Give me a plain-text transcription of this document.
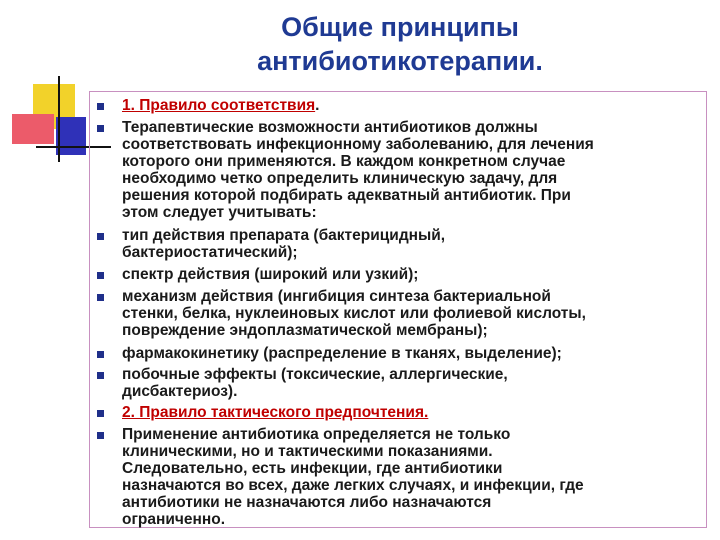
Общие принципы
антибиотикотерапии.
1. Правило соответствия.
Терапевтические возможности антибиотиков должны
соответствовать инфекционному заболеванию, для лечения
которого они применяются. В каждом конкретном случае
необходимо четко определить клиническую задачу, для
решения которой подбирать адекватный антибиотик. При
этом следует учитывать:
тип действия препарата (бактерицидный,
бактериостатический);
спектр действия (широкий или узкий);
механизм действия (ингибиция синтеза бактериальной
стенки, белка, нуклеиновых кислот или фолиевой кислоты,
повреждение эндоплазматической мембраны);
фармакокинетику (распределение в тканях, выделение);
побочные эффекты (токсические, аллергические,
дисбактериоз).
2. Правило тактического предпочтения.
Применение антибиотика определяется не только
клиническими, но и тактическими показаниями.
Следовательно, есть инфекции, где антибиотики
назначаются во всех, даже легких случаях, и инфекции, где
антибиотики не назначаются либо назначаются
ограниченно.
